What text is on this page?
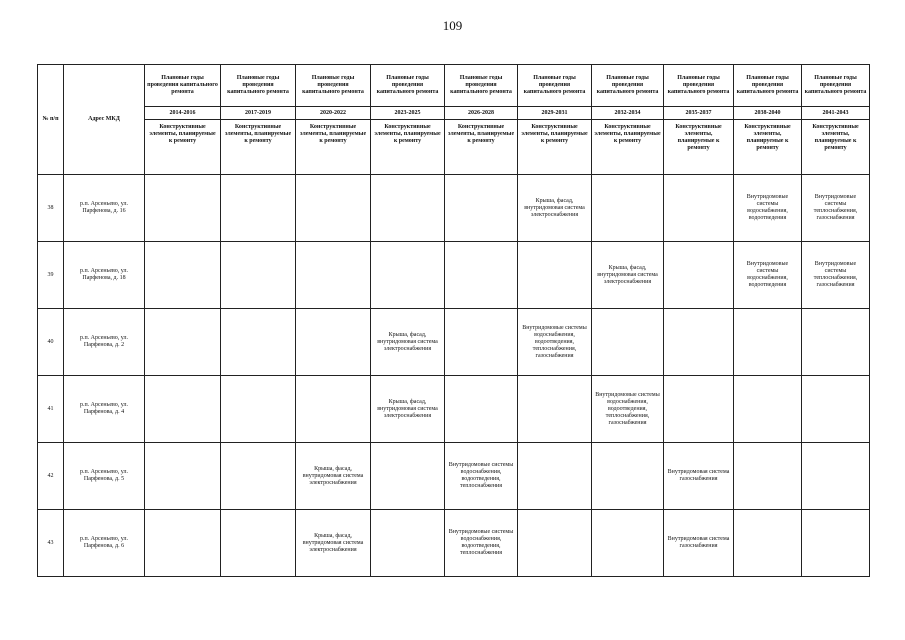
109
№ п/п	Адрес МКД	Плановые годы проведения капитального ремонта	Плановые годы проведения капитального ремонта	Плановые годы проведения капитального ремонта	Плановые годы проведения капитального ремонта	Плановые годы проведения капитального ремонта	Плановые годы проведения капитального ремонта	Плановые годы проведения капитального ремонта	Плановые годы проведения капитального ремонта	Плановые годы проведения капитального ремонта	Плановые годы проведения капитального ремонта
		2014-2016	2017-2019	2020-2022	2023-2025	2026-2028	2029-2031	2032-2034	2035-2037	2038-2040	2041-2043
		Конструктивные элементы, планируемые к ремонту	Конструктивные элементы, планируемые к ремонту	Конструктивные элементы, планируемые к ремонту	Конструктивные элементы, планируемые к ремонту	Конструктивные элементы, планируемые к ремонту	Конструктивные элементы, планируемые к ремонту	Конструктивные элементы, планируемые к ремонту	Конструктивные элементы, планируемые к ремонту	Конструктивные элементы, планируемые к ремонту	Конструктивные элементы, планируемые к ремонту
38	р.п. Арсеньево, ул. Парфенова, д. 16						Крыша, фасад, внутридомовая система электроснабжения			Внутридомовые системы водоснабжения, водоотведения	Внутридомовые системы теплоснабжения, газоснабжения
39	р.п. Арсеньево, ул. Парфенова, д. 18							Крыша, фасад, внутридомовая система электроснабжения		Внутридомовые системы водоснабжения, водоотведения	Внутридомовые системы теплоснабжения, газоснабжения
40	р.п. Арсеньево, ул. Парфенова, д. 2				Крыша, фасад, внутридомовая система электроснабжения		Внутридомовые системы водоснабжения, водоотведения, теплоснабжения, газоснабжения				
41	р.п. Арсеньево, ул. Парфенова, д. 4				Крыша, фасад, внутридомовая система электроснабжения			Внутридомовые системы водоснабжения, водоотведения, теплоснабжения, газоснабжения			
42	р.п. Арсеньево, ул. Парфенова, д. 5			Крыша, фасад, внутридомовая система электроснабжения		Внутридомовые системы водоснабжения, водоотведения, теплоснабжения			Внутридомовая система газоснабжения		
43	р.п. Арсеньево, ул. Парфенова, д. 6			Крыша, фасад, внутридомовая система электроснабжения		Внутридомовые системы водоснабжения, водоотведения, теплоснабжения			Внутридомовая система газоснабжения		
